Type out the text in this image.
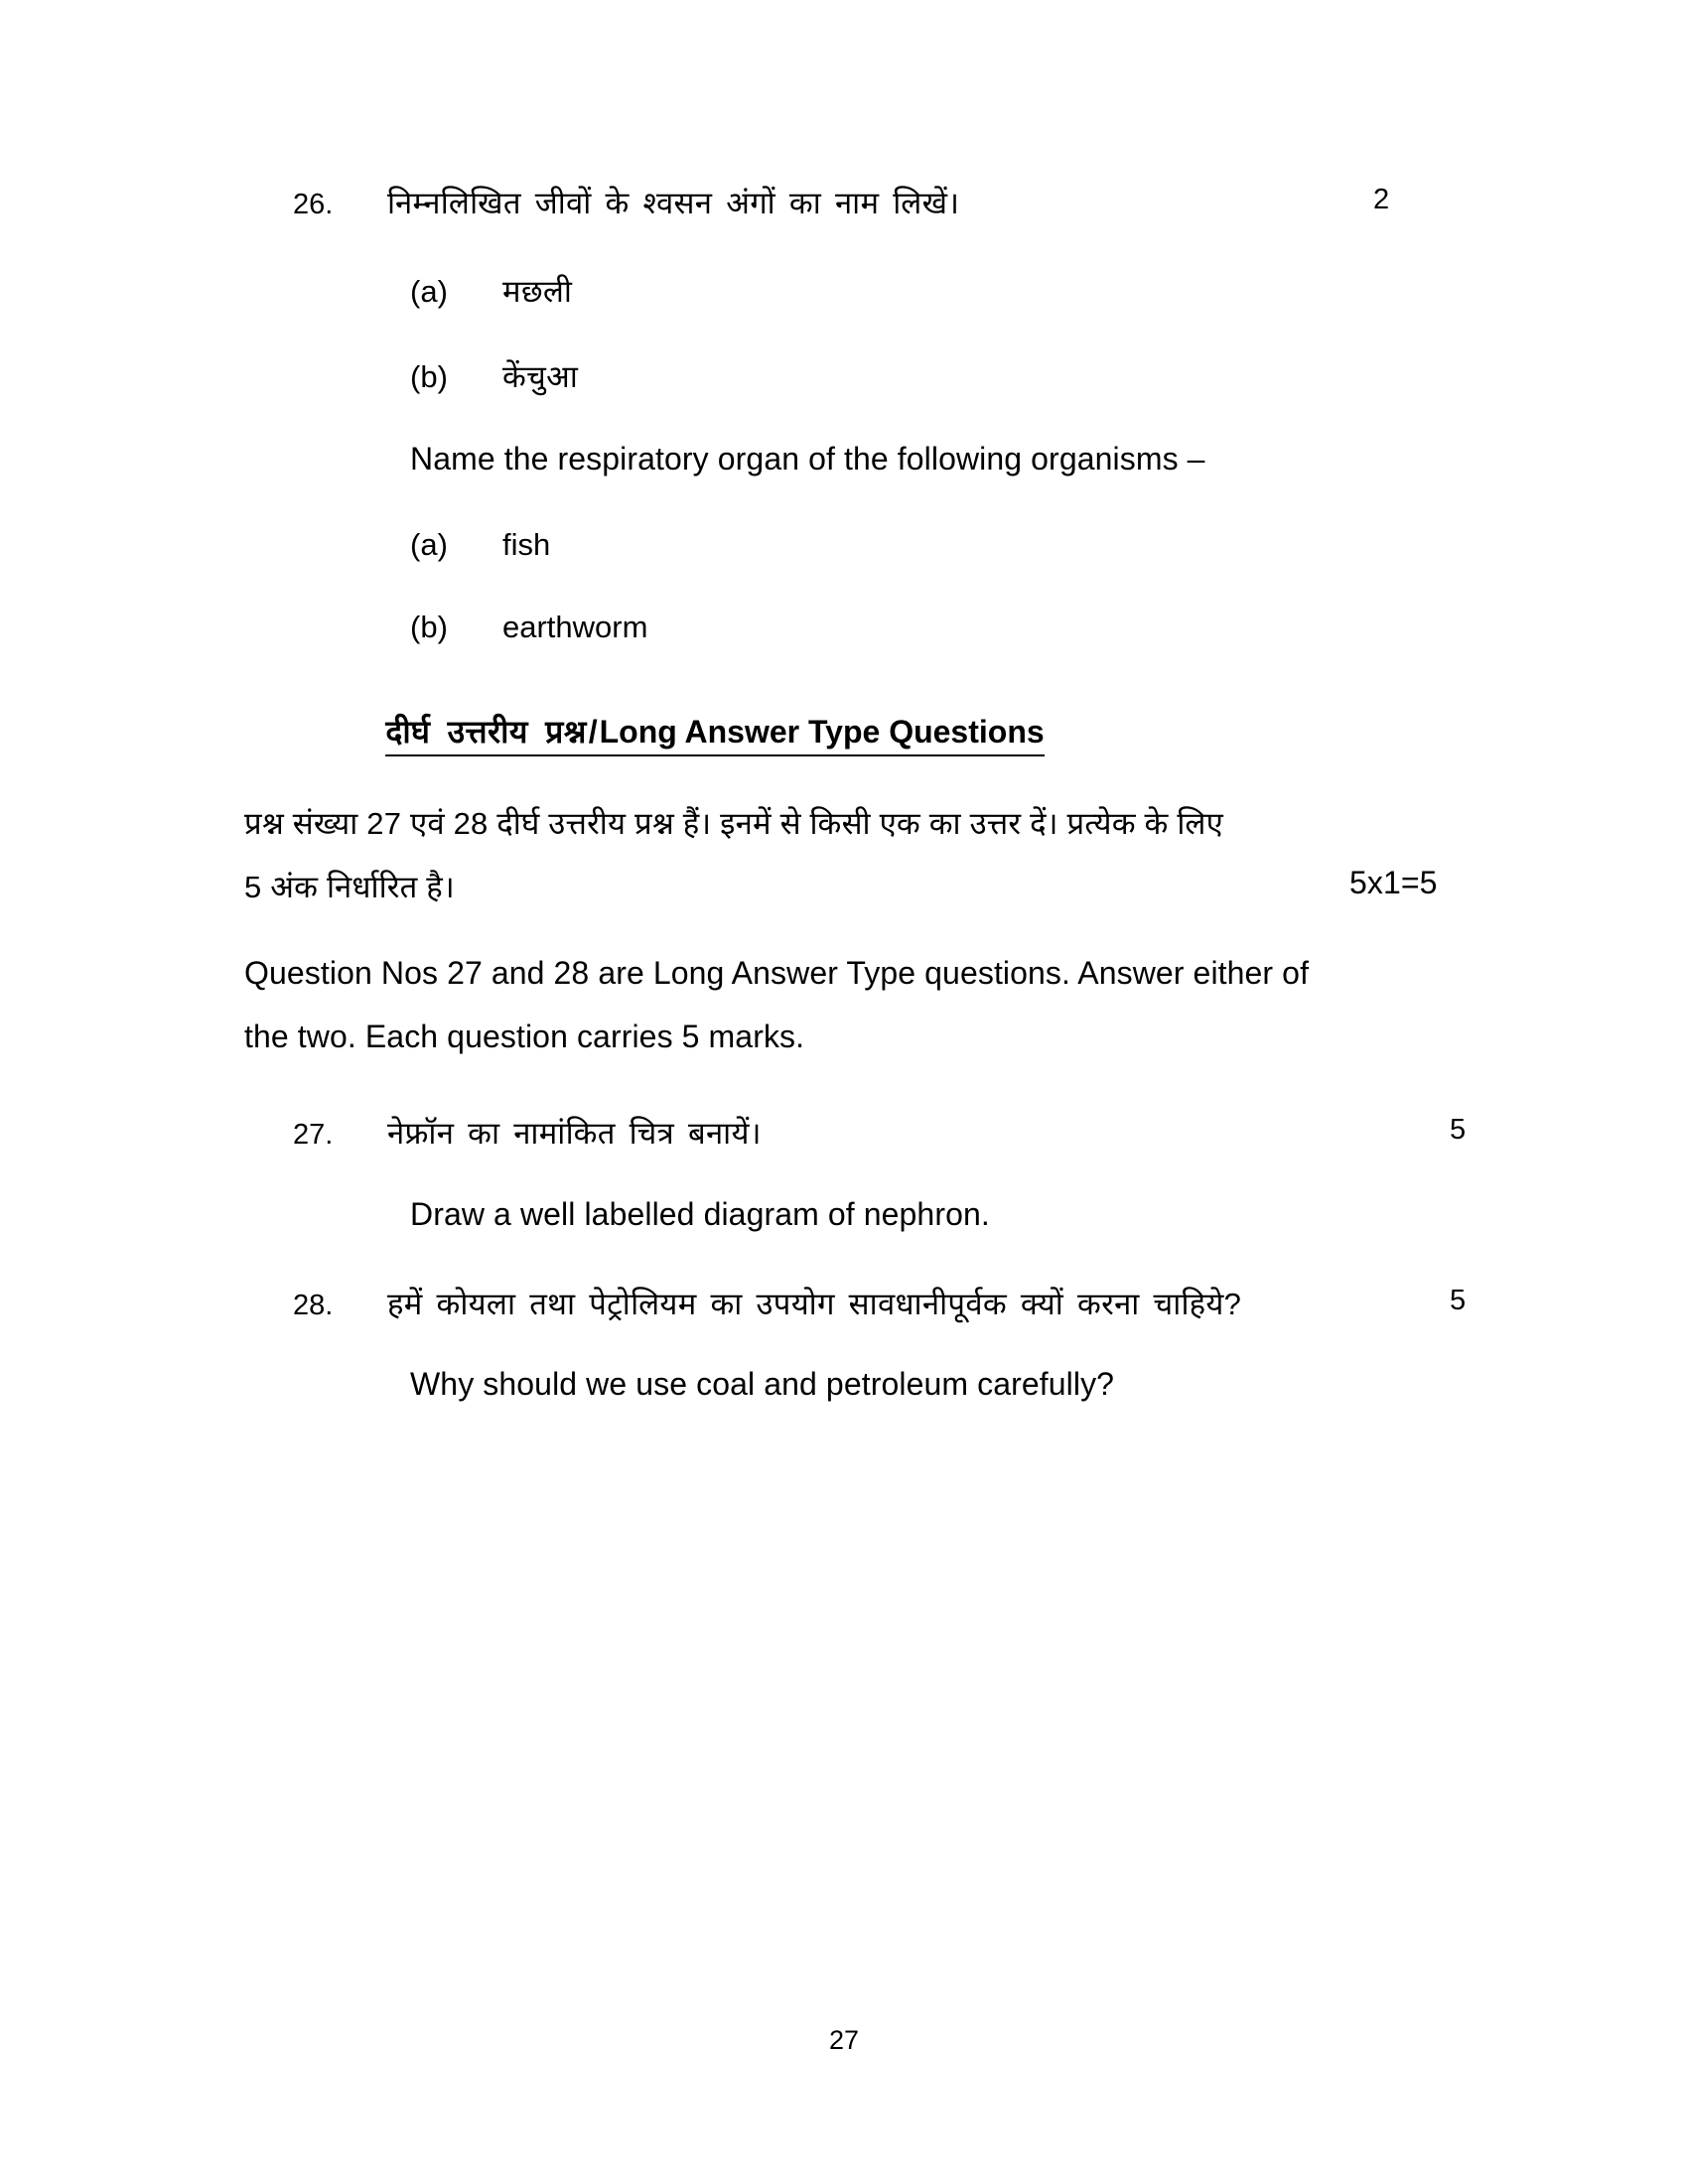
26.	निम्नलिखित जीवों के श्वसन अंगों का नाम लिखें।	2
(a)	मछली
(b)	केंचुआ
Name the respiratory organ of the following organisms –
(a)	fish
(b)	earthworm
दीर्घ उत्तरीय प्रश्न/Long Answer Type Questions
प्रश्न संख्या 27 एवं 28 दीर्घ उत्तरीय प्रश्न हैं। इनमें से किसी एक का उत्तर दें। प्रत्येक के लिए
5 अंक निर्धारित है।	5x1=5
Question Nos 27 and 28 are Long Answer Type questions. Answer either of
the two. Each question carries 5 marks.
27.	नेफ्रॉन का नामांकित चित्र बनायें।	5
Draw a well labelled diagram of nephron.
28.	हमें कोयला तथा पेट्रोलियम का उपयोग सावधानीपूर्वक क्यों करना चाहिये?	5
Why should we use coal and petroleum carefully?
27
